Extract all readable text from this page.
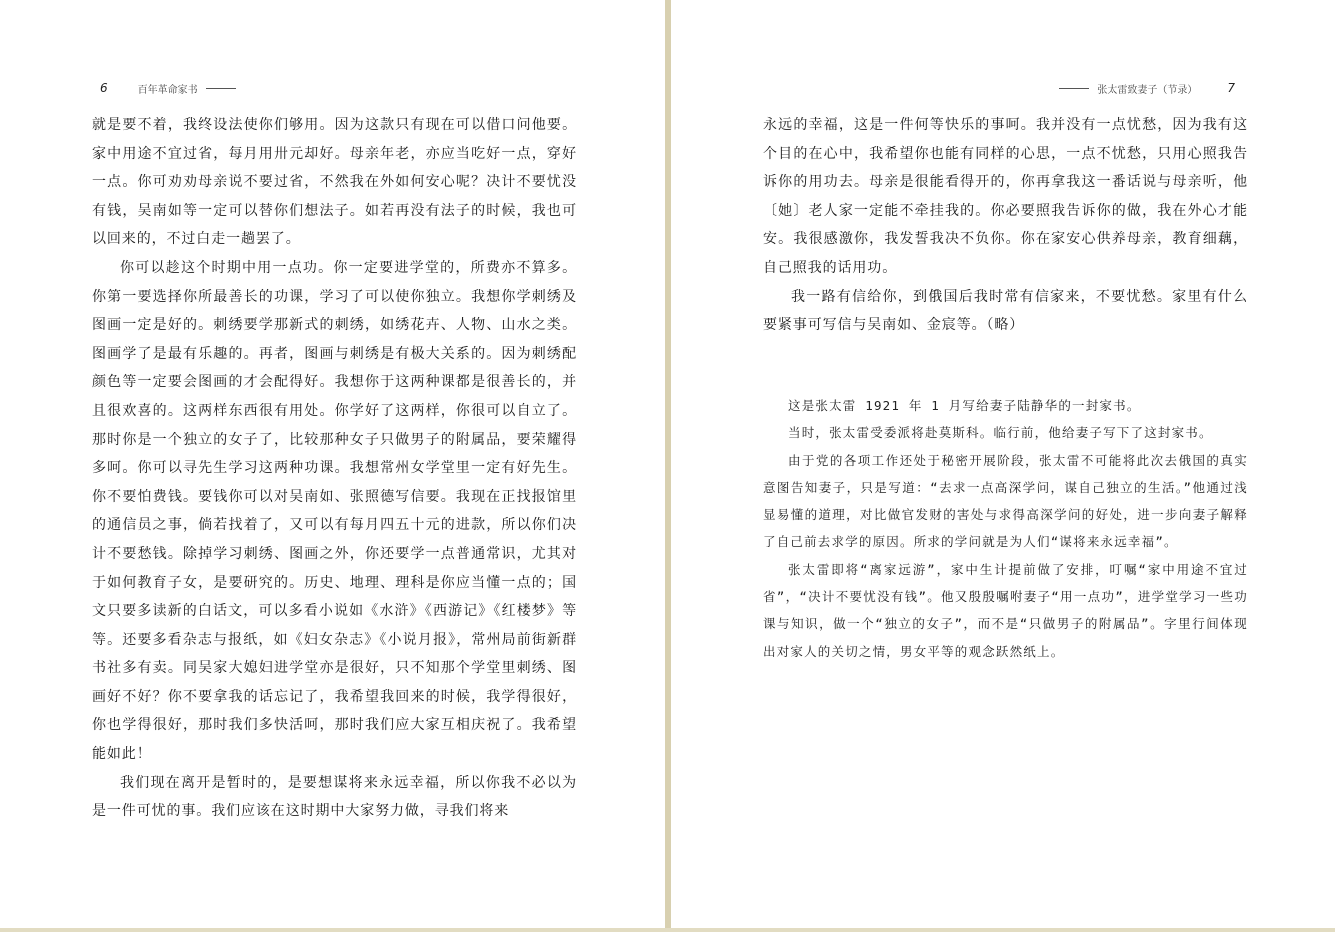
6	百年革命家书

就是要不着，我终设法使你们够用。因为这款只有现在可以借口问他要。家中用途不宜过省，每月用卅元却好。母亲年老，亦应当吃好一点，穿好一点。你可劝劝母亲说不要过省，不然我在外如何安心呢？决计不要忧没有钱，吴南如等一定可以替你们想法子。如若再没有法子的时候，我也可以回来的，不过白走一趟罢了。

你可以趁这个时期中用一点功。你一定要进学堂的，所费亦不算多。你第一要选择你所最善长的功课，学习了可以使你独立。我想你学刺绣及图画一定是好的。刺绣要学那新式的刺绣，如绣花卉、人物、山水之类。图画学了是最有乐趣的。再者，图画与刺绣是有极大关系的。因为刺绣配颜色等一定要会图画的才会配得好。我想你于这两种课都是很善长的，并且很欢喜的。这两样东西很有用处。你学好了这两样，你很可以自立了。那时你是一个独立的女子了，比较那种女子只做男子的附属品，要荣耀得多呵。你可以寻先生学习这两种功课。我想常州女学堂里一定有好先生。你不要怕费钱。要钱你可以对吴南如、张照德写信要。我现在正找报馆里的通信员之事，倘若找着了，又可以有每月四五十元的进款，所以你们决计不要愁钱。除掉学习刺绣、图画之外，你还要学一点普通常识，尤其对于如何教育子女，是要研究的。历史、地理、理科是你应当懂一点的；国文只要多读新的白话文，可以多看小说如《水浒》《西游记》《红楼梦》等等。还要多看杂志与报纸，如《妇女杂志》《小说月报》，常州局前街新群书社多有卖。同吴家大媳妇进学堂亦是很好，只不知那个学堂里刺绣、图画好不好？你不要拿我的话忘记了，我希望我回来的时候，我学得很好，你也学得很好，那时我们多快活呵，那时我们应大家互相庆祝了。我希望能如此！

我们现在离开是暂时的，是要想谋将来永远幸福，所以你我不必以为是一件可忧的事。我们应该在这时期中大家努力做，寻我们将来

张太雷致妻子（节录）	7

永远的幸福，这是一件何等快乐的事呵。我并没有一点忧愁，因为我有这个目的在心中，我希望你也能有同样的心思，一点不忧愁，只用心照我告诉你的用功去。母亲是很能看得开的，你再拿我这一番话说与母亲听，他〔她〕老人家一定能不牵挂我的。你必要照我告诉你的做，我在外心才能安。我很感激你，我发誓我决不负你。你在家安心供养母亲，教育细藕，自己照我的话用功。

我一路有信给你，到俄国后我时常有信家来，不要忧愁。家里有什么要紧事可写信与吴南如、金宸等。（略）

这是张太雷 1921 年 1 月写给妻子陆静华的一封家书。

当时，张太雷受委派将赴莫斯科。临行前，他给妻子写下了这封家书。

由于党的各项工作还处于秘密开展阶段，张太雷不可能将此次去俄国的真实意图告知妻子，只是写道：“去求一点高深学问，谋自己独立的生活。”他通过浅显易懂的道理，对比做官发财的害处与求得高深学问的好处，进一步向妻子解释了自己前去求学的原因。所求的学问就是为人们“谋将来永远幸福”。

张太雷即将“离家远游”，家中生计提前做了安排，叮嘱“家中用途不宜过省”，“决计不要忧没有钱”。他又殷殷嘱咐妻子“用一点功”，进学堂学习一些功课与知识，做一个“独立的女子”，而不是“只做男子的附属品”。字里行间体现出对家人的关切之情，男女平等的观念跃然纸上。
